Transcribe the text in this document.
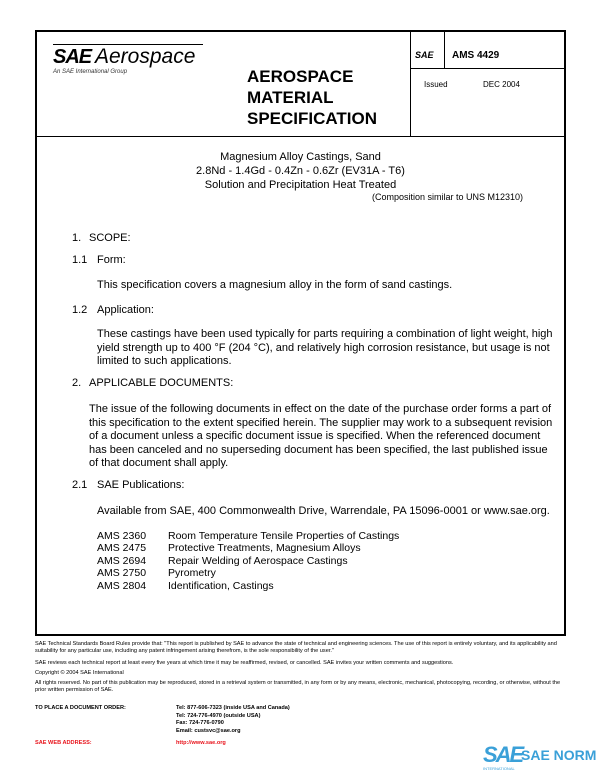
SAE Aerospace
An SAE International Group	AEROSPACE
MATERIAL
SPECIFICATION
SAE AMS 4429
Issued	DEC 2004
Magnesium Alloy Castings, Sand
2.8Nd - 1.4Gd - 0.4Zn - 0.6Zr (EV31A - T6)
Solution and Precipitation Heat Treated
(Composition similar to UNS M12310)
1. SCOPE:
1.1 Form:
This specification covers a magnesium alloy in the form of sand castings.
1.2 Application:
These castings have been used typically for parts requiring a combination of light weight, high yield strength up to 400 °F (204 °C), and relatively high corrosion resistance, but usage is not limited to such applications.
2. APPLICABLE DOCUMENTS:
The issue of the following documents in effect on the date of the purchase order forms a part of this specification to the extent specified herein. The supplier may work to a subsequent revision of a document unless a specific document issue is specified. When the referenced document has been canceled and no superseding document has been specified, the last published issue of that document shall apply.
2.1 SAE Publications:
Available from SAE, 400 Commonwealth Drive, Warrendale, PA 15096-0001 or www.sae.org.
AMS 2360 Room Temperature Tensile Properties of Castings
AMS 2475 Protective Treatments, Magnesium Alloys
AMS 2694 Repair Welding of Aerospace Castings
AMS 2750 Pyrometry
AMS 2804 Identification, Castings
SAE Technical Standards Board Rules provide that: "This report is published by SAE to advance the state of technical and engineering sciences. The use of this report is entirely voluntary, and its applicability and suitability for any particular use, including any patent infringement arising therefrom, is the sole responsibility of the user."
SAE reviews each technical report at least every five years at which time it may be reaffirmed, revised, or cancelled. SAE invites your written comments and suggestions.
Copyright © 2004 SAE International
All rights reserved. No part of this publication may be reproduced, stored in a retrieval system or transmitted, in any form or by any means, electronic, mechanical, photocopying, recording, or otherwise, without the prior written permission of SAE.
TO PLACE A DOCUMENT ORDER:	Tel: 877-606-7323 (inside USA and Canada)
Tel: 724-776-4970 (outside USA)
Fax: 724-776-0790
Email: custsvc@sae.org
SAE WEB ADDRESS:	http://www.sae.org	SAE
SAE NORM
INTERNATIONAL
